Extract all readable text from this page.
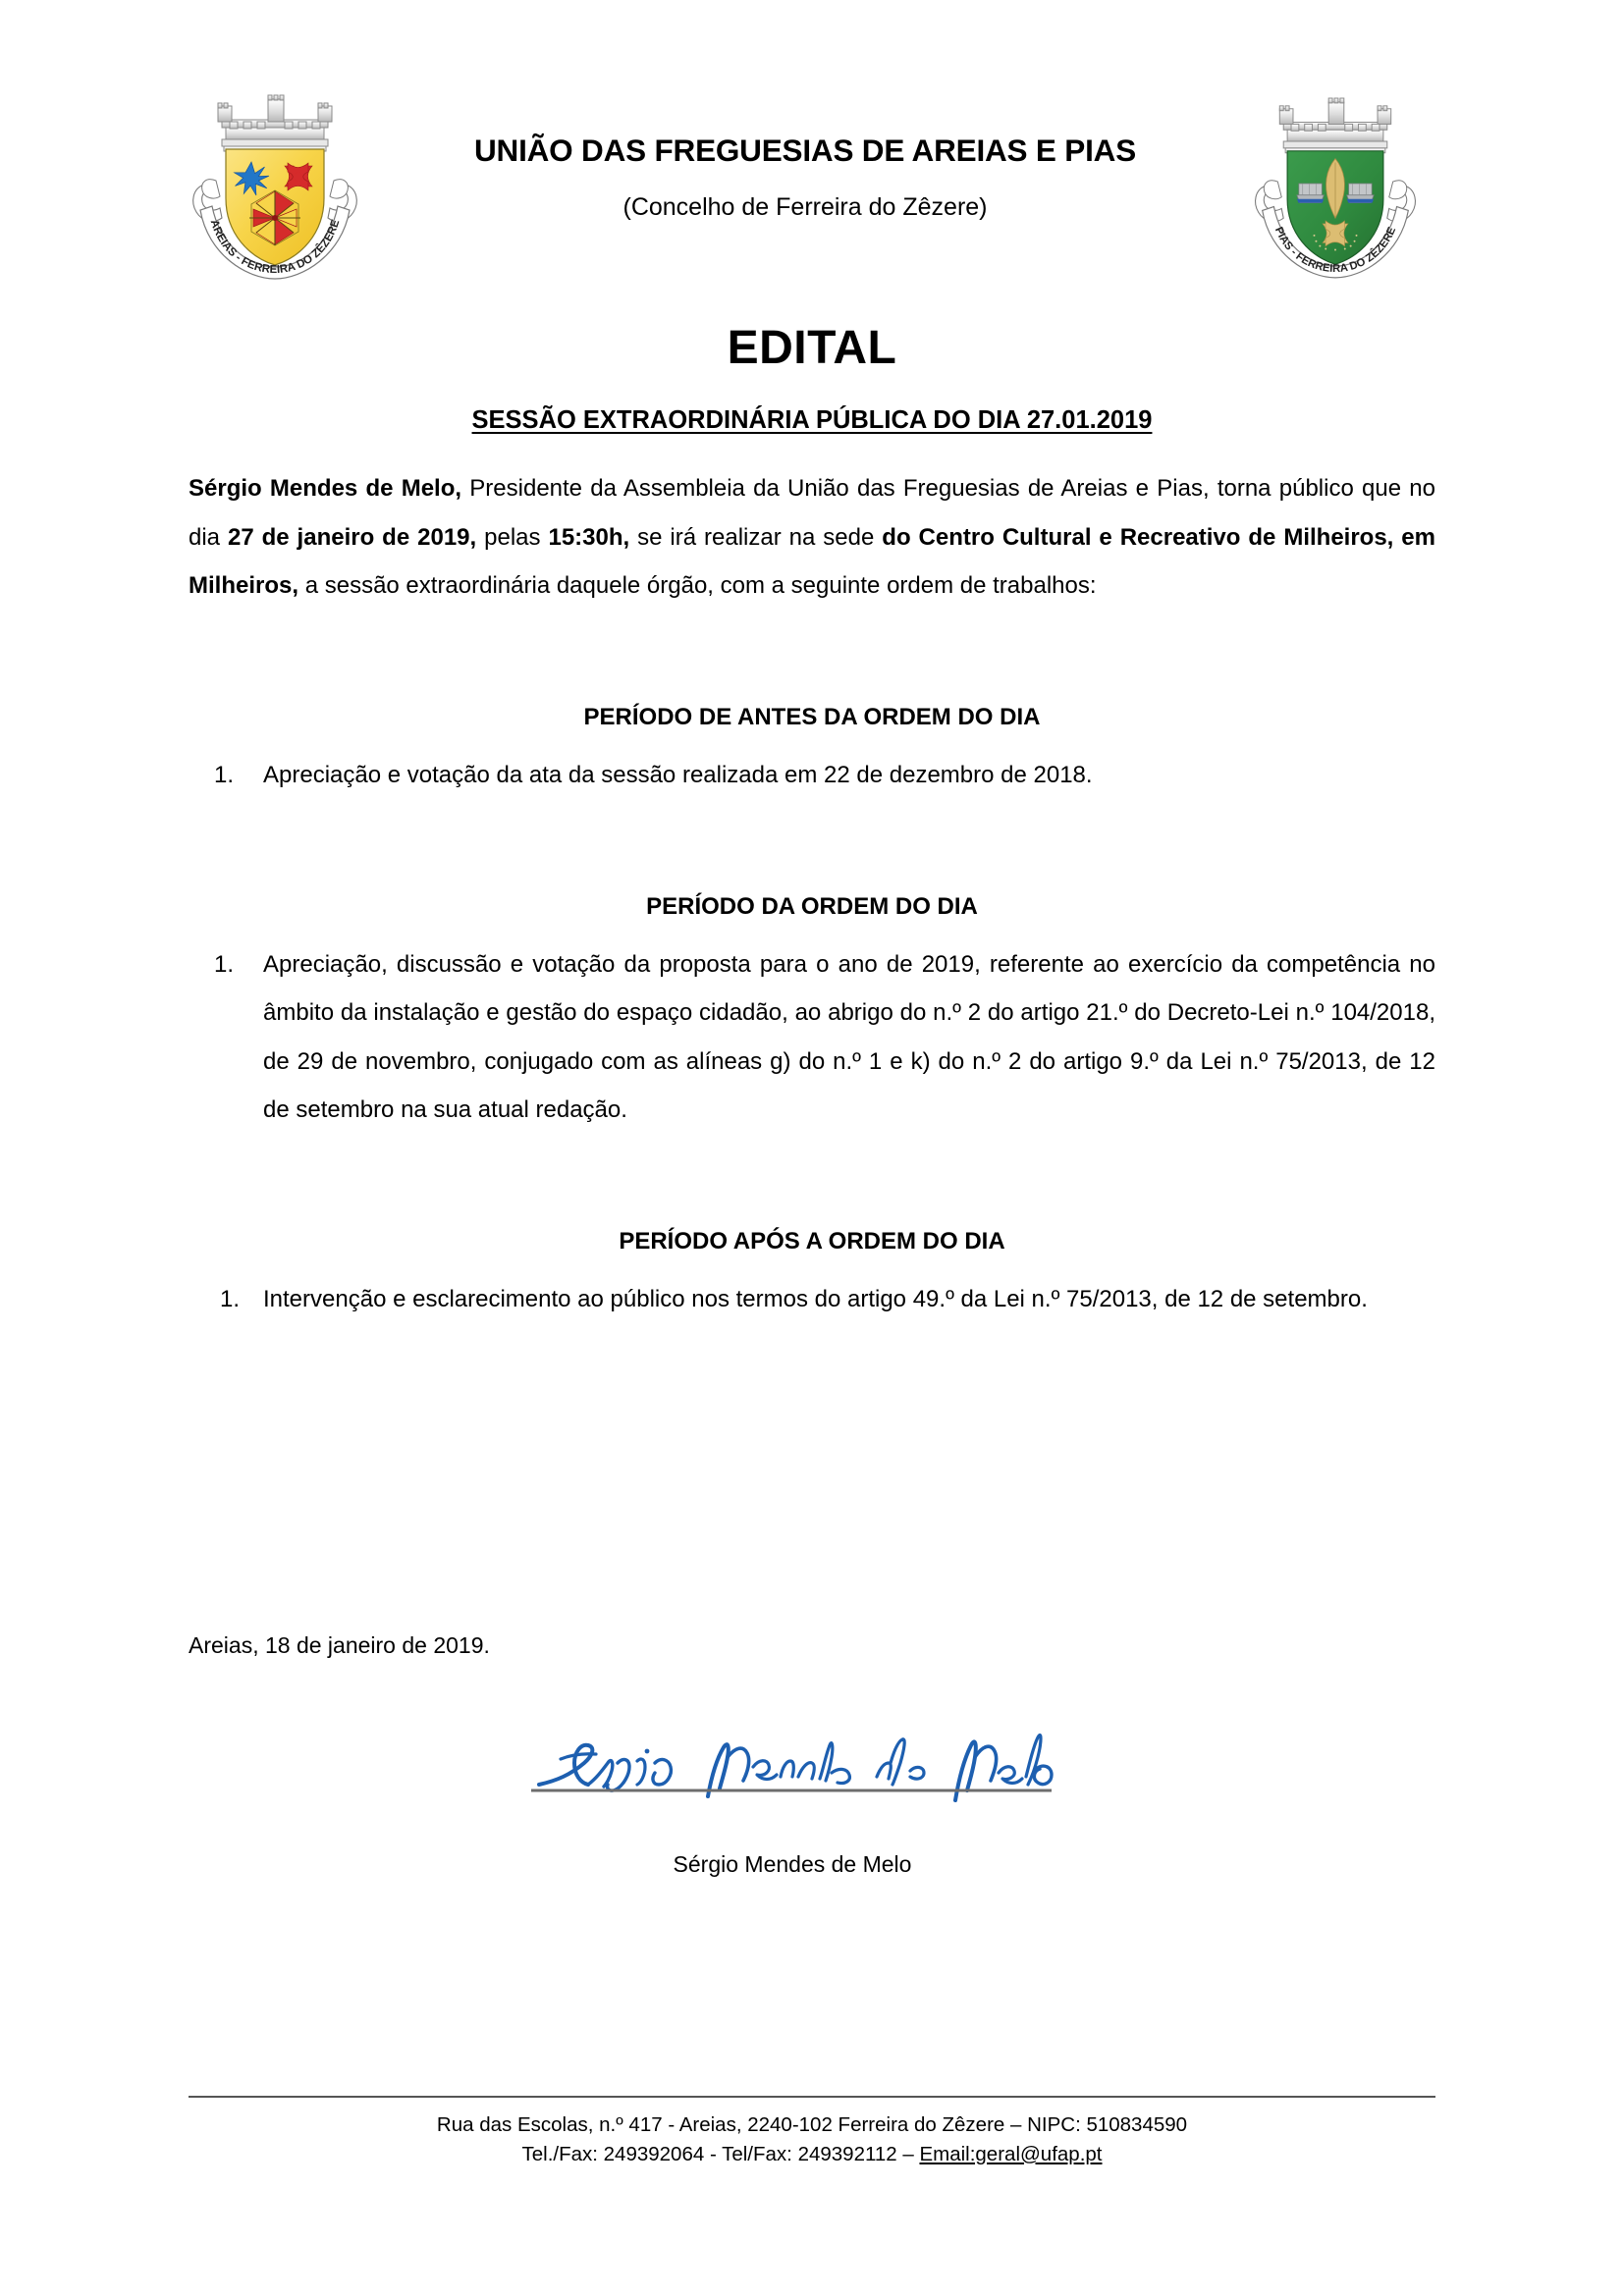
AREIAS - FERREIRA DO ZÊZERE
UNIÃO DAS FREGUESIAS DE AREIAS E PIAS
(Concelho de Ferreira do Zêzere)
PIAS - FERREIRA DO ZÊZERE
EDITAL
SESSÃO EXTRAORDINÁRIA PÚBLICA DO DIA 27.01.2019

Sérgio Mendes de Melo, Presidente da Assembleia da União das Freguesias de Areias e Pias, torna público que no dia 27 de janeiro de 2019, pelas 15:30h, se irá realizar na sede do Centro Cultural e Recreativo de Milheiros, em Milheiros, a sessão extraordinária daquele órgão, com a seguinte ordem de trabalhos:

PERÍODO DE ANTES DA ORDEM DO DIA
Apreciação e votação da ata da sessão realizada em 22 de dezembro de 2018.
PERÍODO DA ORDEM DO DIA
Apreciação, discussão e votação da proposta para o ano de 2019, referente ao exercício da competência no âmbito da instalação e gestão do espaço cidadão, ao abrigo do n.º 2 do artigo 21.º do Decreto-Lei n.º 104/2018, de 29 de novembro, conjugado com as alíneas g) do n.º 1 e k) do n.º 2 do artigo 9.º da Lei n.º 75/2013, de 12 de setembro na sua atual redação.
PERÍODO APÓS A ORDEM DO DIA
Intervenção e esclarecimento ao público nos termos do artigo 49.º da Lei n.º 75/2013, de 12 de setembro.
Areias, 18 de janeiro de 2019.
Sérgio Mendes de Melo
Rua das Escolas, n.º 417 - Areias, 2240-102 Ferreira do Zêzere – NIPC: 510834590
Tel./Fax: 249392064 - Tel/Fax: 249392112 – Email:geral@ufap.pt
